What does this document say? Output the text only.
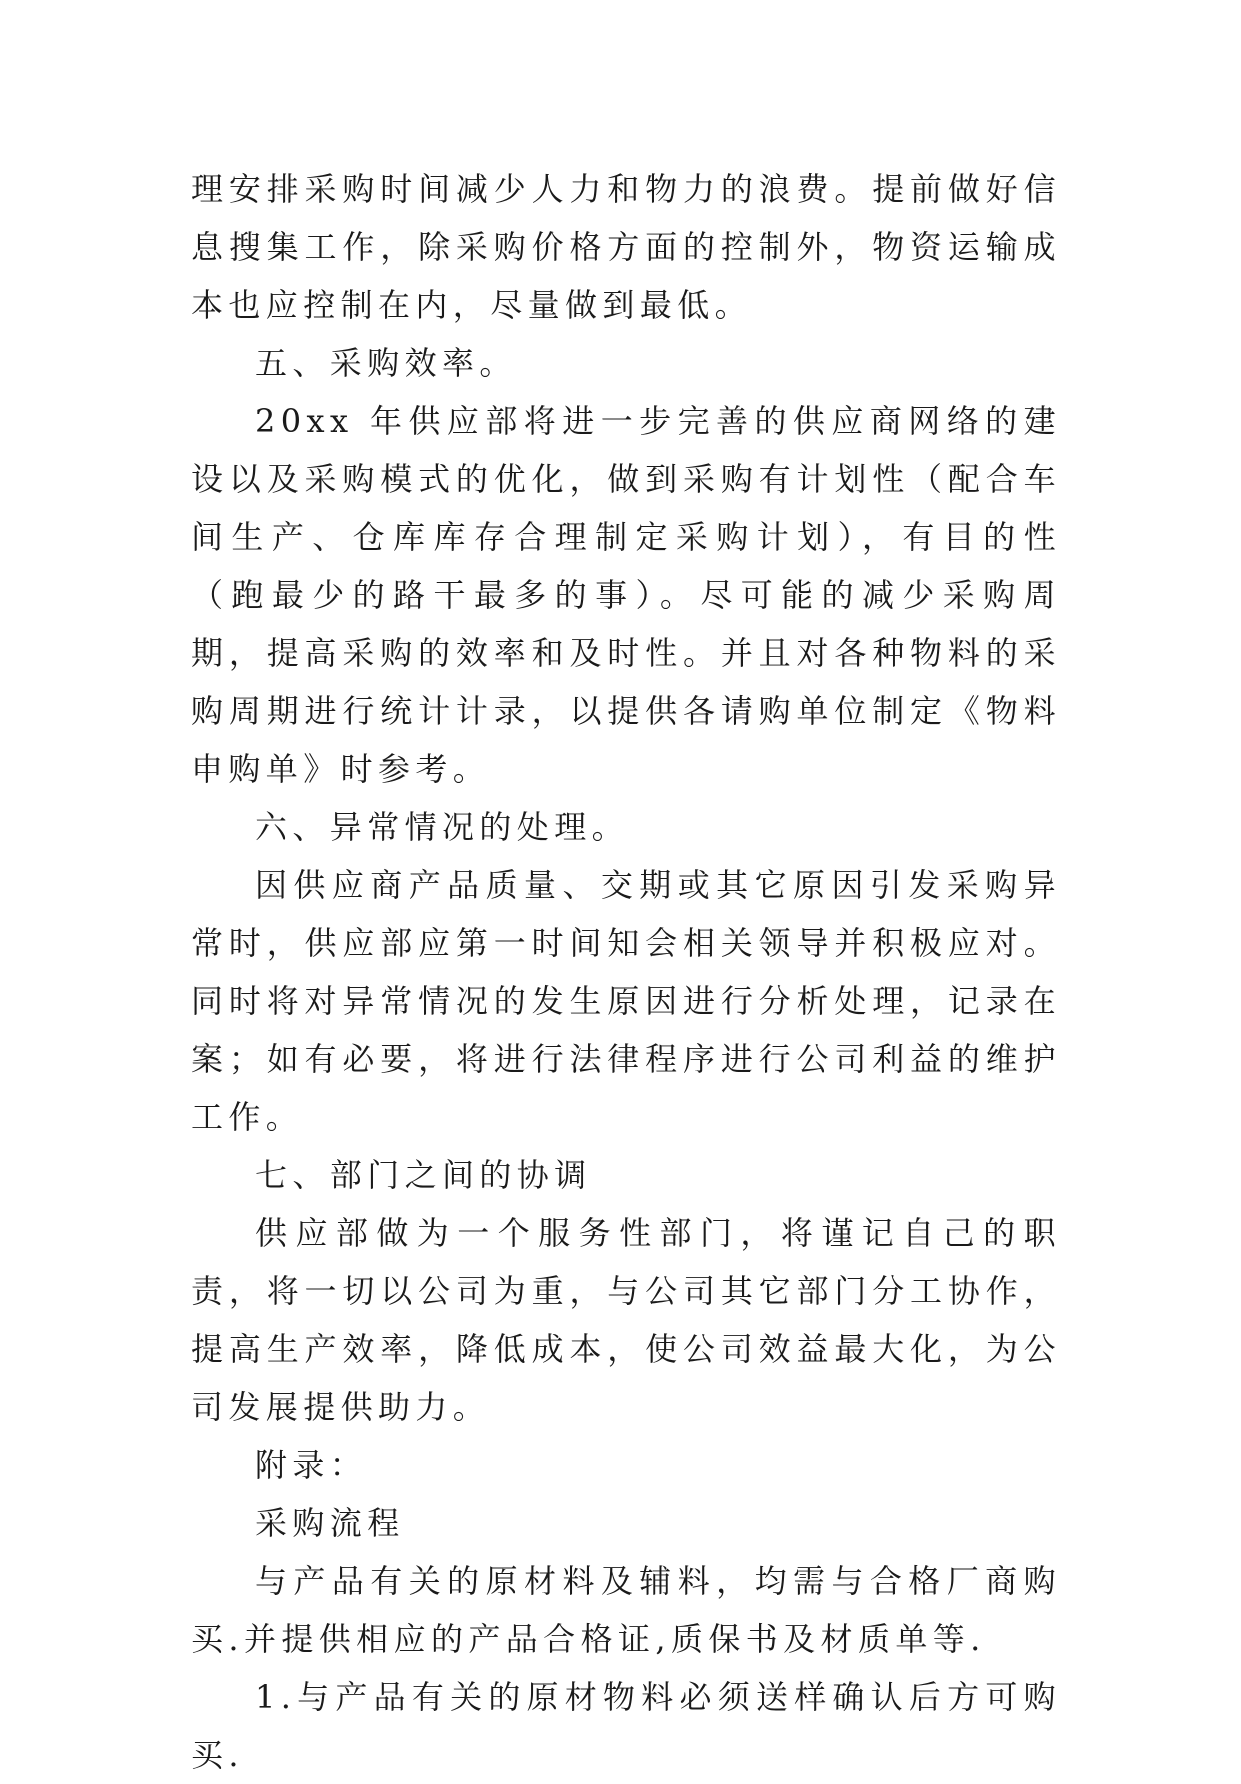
理安排采购时间减少人力和物力的浪费。提前做好信息搜集工作，除采购价格方面的控制外，物资运输成本也应控制在内，尽量做到最低。

五、采购效率。

20xx 年供应部将进一步完善的供应商网络的建设以及采购模式的优化，做到采购有计划性（配合车间生产、仓库库存合理制定采购计划），有目的性（跑最少的路干最多的事）。尽可能的减少采购周期，提高采购的效率和及时性。并且对各种物料的采购周期进行统计计录，以提供各请购单位制定《物料申购单》时参考。

六、异常情况的处理。

因供应商产品质量、交期或其它原因引发采购异常时，供应部应第一时间知会相关领导并积极应对。同时将对异常情况的发生原因进行分析处理，记录在案；如有必要，将进行法律程序进行公司利益的维护工作。

七、部门之间的协调

供应部做为一个服务性部门，将谨记自己的职责，将一切以公司为重，与公司其它部门分工协作，提高生产效率，降低成本，使公司效益最大化，为公司发展提供助力。

附录：

采购流程

与产品有关的原材料及辅料，均需与合格厂商购买.并提供相应的产品合格证,质保书及材质单等.

1.与产品有关的原材物料必须送样确认后方可购买.
